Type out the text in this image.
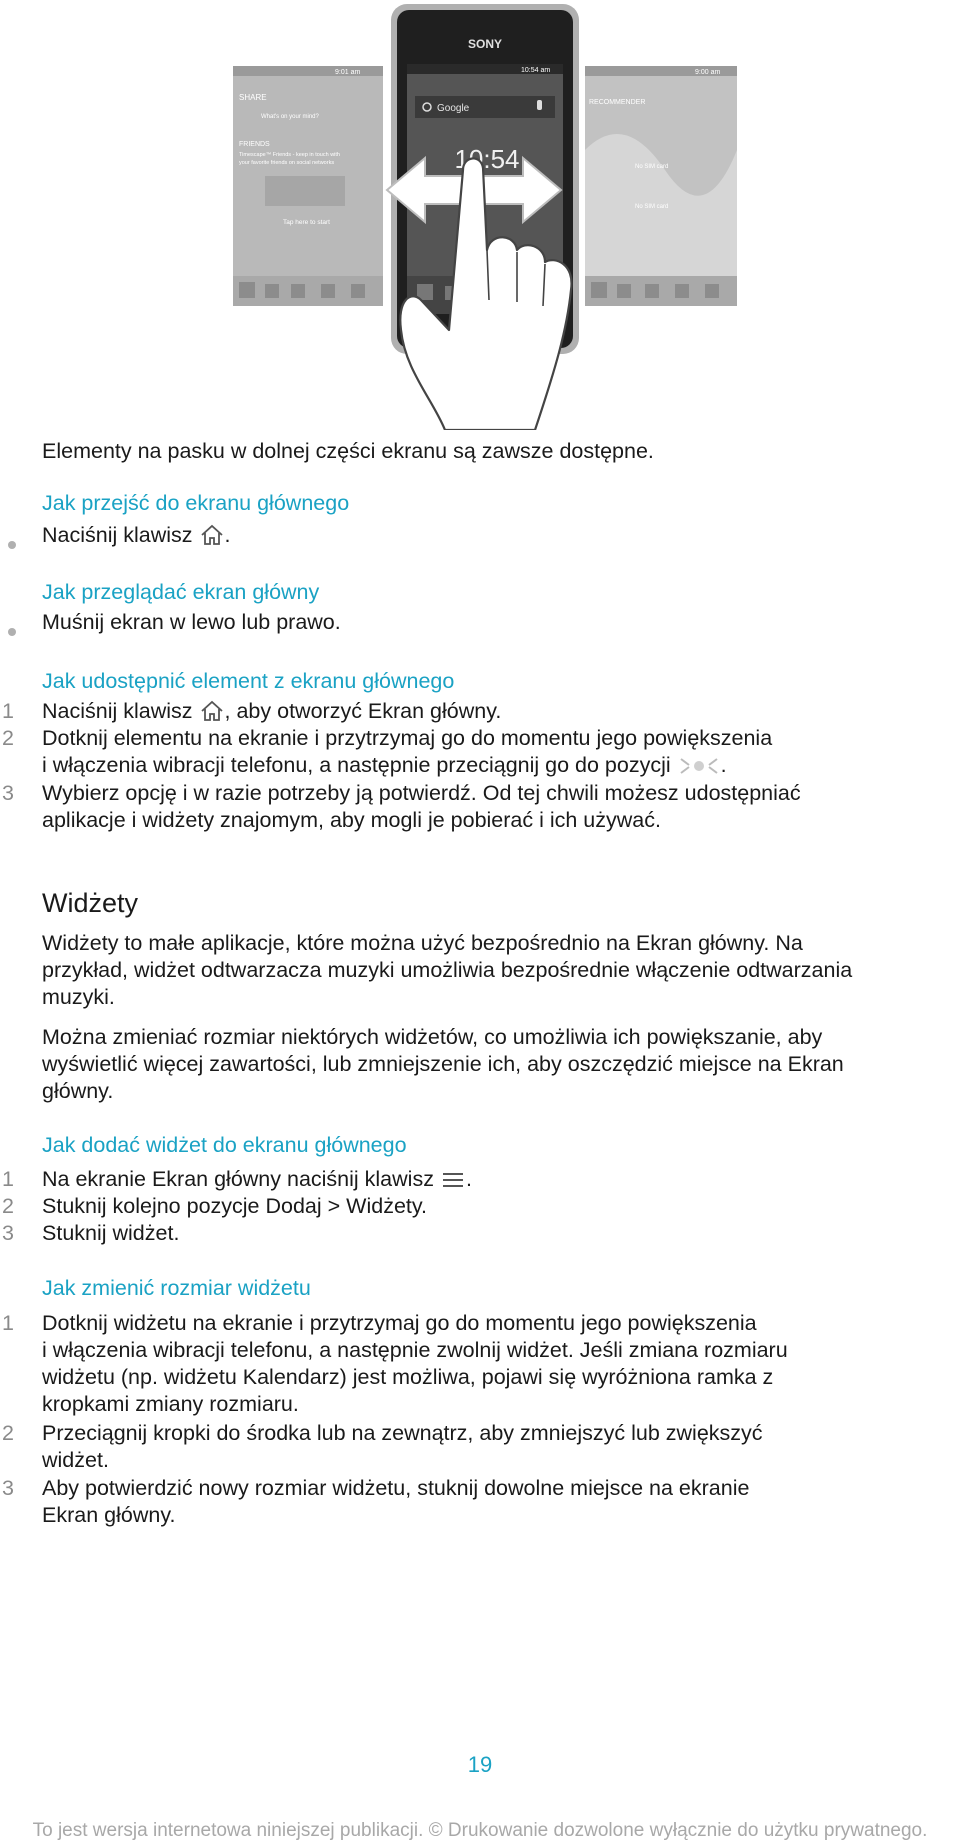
9:01 am
SHARE
What's on your mind?
FRIENDS
Timescape™ Friends - keep in touch with
your favorite friends on social networks
Tap here to start
9:00 am
RECOMMENDER
No SIM card
No SIM card
SONY
10:54 am
Google
10:54
Elementy na pasku w dolnej części ekranu są zawsze dostępne.
Jak przejść do ekranu głównego
Naciśnij klawisz .
Jak przeglądać ekran główny
Muśnij ekran w lewo lub prawo.
Jak udostępnić element z ekranu głównego
1 Naciśnij klawisz , aby otworzyć Ekran główny.
2 Dotknij elementu na ekranie i przytrzymaj go do momentu jego powiększenia
i włączenia wibracji telefonu, a następnie przeciągnij go do pozycji .
3 Wybierz opcję i w razie potrzeby ją potwierdź. Od tej chwili możesz udostępniać
aplikacje i widżety znajomym, aby mogli je pobierać i ich używać.
Widżety
Widżety to małe aplikacje, które można użyć bezpośrednio na Ekran główny. Na
przykład, widżet odtwarzacza muzyki umożliwia bezpośrednie włączenie odtwarzania
muzyki.
Można zmieniać rozmiar niektórych widżetów, co umożliwia ich powiększanie, aby
wyświetlić więcej zawartości, lub zmniejszenie ich, aby oszczędzić miejsce na Ekran
główny.
Jak dodać widżet do ekranu głównego
1 Na ekranie Ekran główny naciśnij klawisz .
2 Stuknij kolejno pozycje Dodaj > Widżety.
3 Stuknij widżet.
Jak zmienić rozmiar widżetu
1 Dotknij widżetu na ekranie i przytrzymaj go do momentu jego powiększenia
i włączenia wibracji telefonu, a następnie zwolnij widżet. Jeśli zmiana rozmiaru
widżetu (np. widżetu Kalendarz) jest możliwa, pojawi się wyróżniona ramka z
kropkami zmiany rozmiaru.
2 Przeciągnij kropki do środka lub na zewnątrz, aby zmniejszyć lub zwiększyć
widżet.
3 Aby potwierdzić nowy rozmiar widżetu, stuknij dowolne miejsce na ekranie
Ekran główny.
19
To jest wersja internetowa niniejszej publikacji. © Drukowanie dozwolone wyłącznie do użytku prywatnego.
